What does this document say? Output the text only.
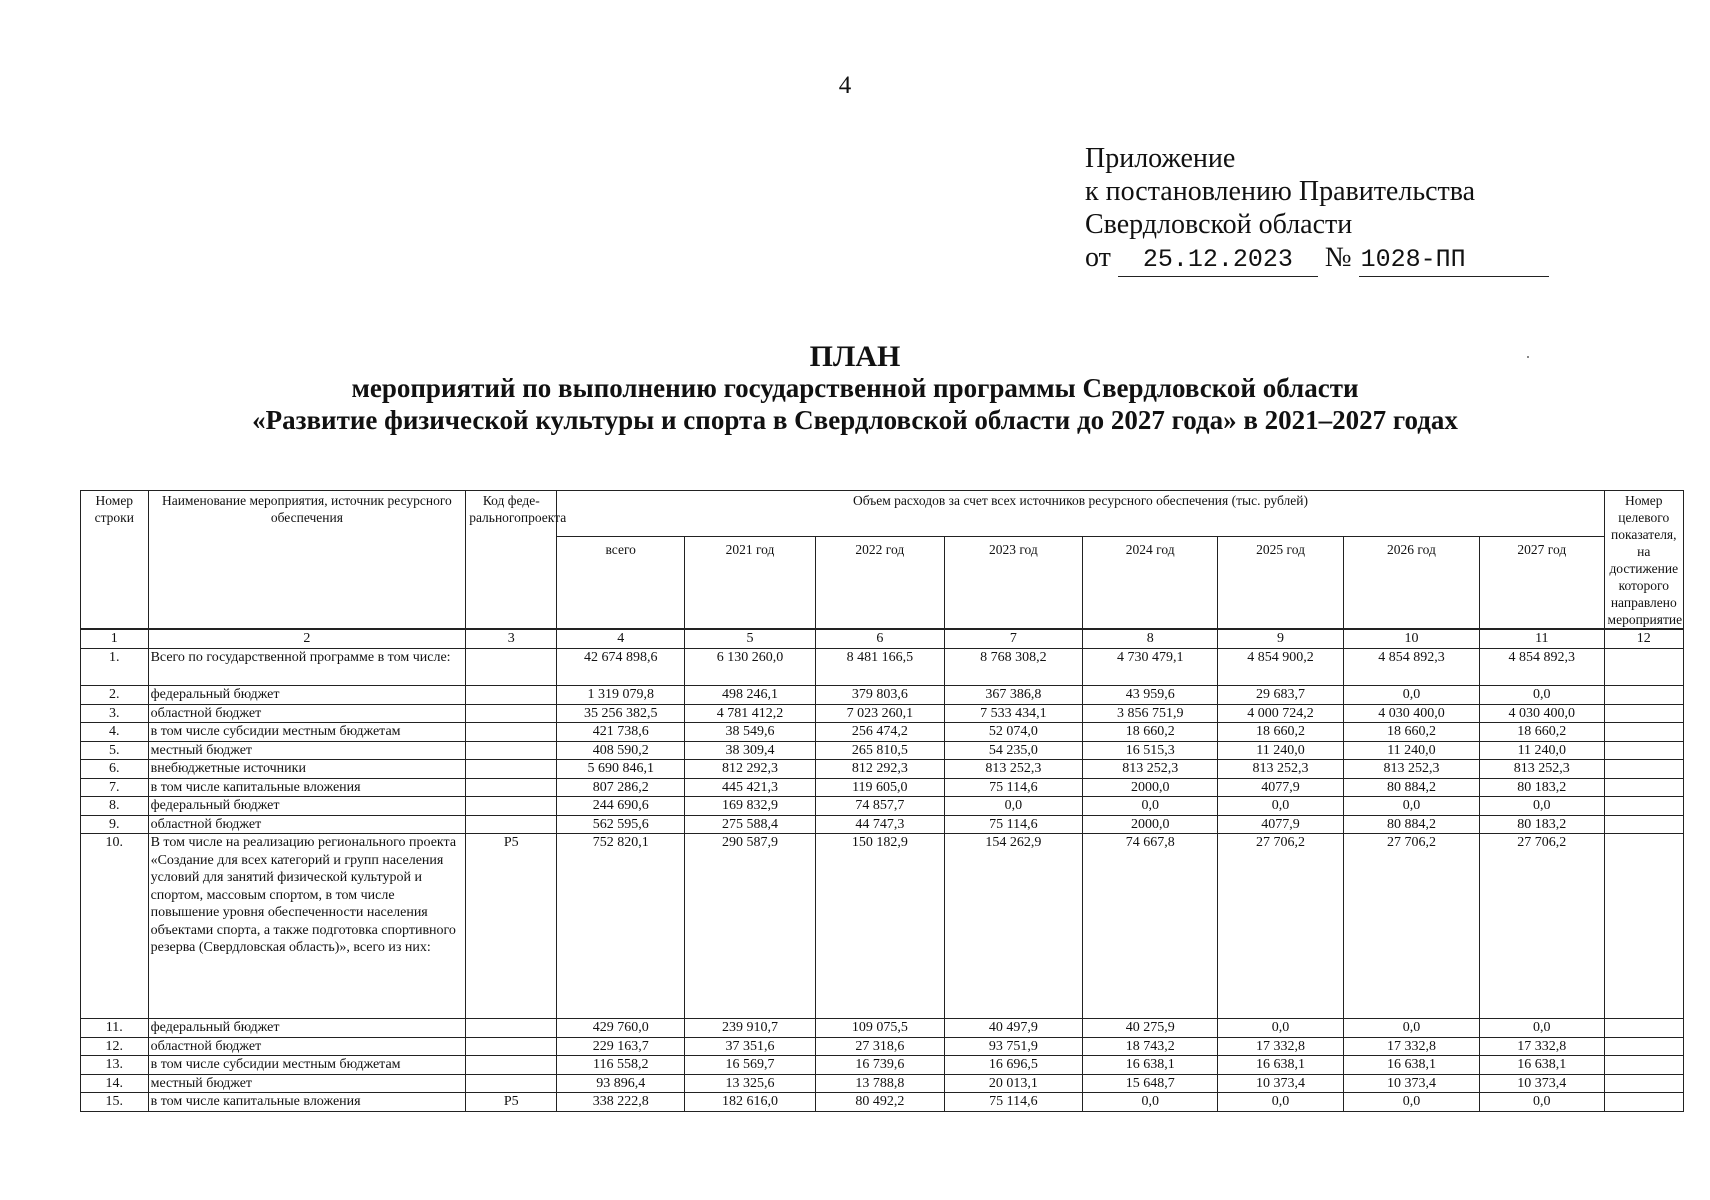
4
Приложение
к постановлению Правительства
Свердловской области
от 25.12.2023 № 1028-ПП
ПЛАН
мероприятий по выполнению государственной программы Свердловской области
«Развитие физической культуры и спорта в Свердловской области до 2027 года» в 2021–2027 годах
Номер строки	Наименование мероприятия, источник ресурсного обеспечения	Код феде-ральногопроекта	Объем расходов за счет всех источников ресурсного обеспечения (тыс. рублей)								Номер целевого показателя, на достижение которого направлено мероприятие
			всего	2021 год	2022 год	2023 год	2024 год	2025 год	2026 год	2027 год	
1	2	3	4	5	6	7	8	9	10	11	12
1.	Всего по государственной программе в том числе:		42 674 898,6	6 130 260,0	8 481 166,5	8 768 308,2	4 730 479,1	4 854 900,2	4 854 892,3	4 854 892,3	
2.	федеральный бюджет		1 319 079,8	498 246,1	379 803,6	367 386,8	43 959,6	29 683,7	0,0	0,0	
3.	областной бюджет		35 256 382,5	4 781 412,2	7 023 260,1	7 533 434,1	3 856 751,9	4 000 724,2	4 030 400,0	4 030 400,0	
4.	в том числе субсидии местным бюджетам		421 738,6	38 549,6	256 474,2	52 074,0	18 660,2	18 660,2	18 660,2	18 660,2	
5.	местный бюджет		408 590,2	38 309,4	265 810,5	54 235,0	16 515,3	11 240,0	11 240,0	11 240,0	
6.	внебюджетные источники		5 690 846,1	812 292,3	812 292,3	813 252,3	813 252,3	813 252,3	813 252,3	813 252,3	
7.	в том числе капитальные вложения		807 286,2	445 421,3	119 605,0	75 114,6	2000,0	4077,9	80 884,2	80 183,2	
8.	федеральный бюджет		244 690,6	169 832,9	74 857,7	0,0	0,0	0,0	0,0	0,0	
9.	областной бюджет		562 595,6	275 588,4	44 747,3	75 114,6	2000,0	4077,9	80 884,2	80 183,2	
10.	В том числе на реализацию регионального проекта «Создание для всех категорий и групп населения условий для занятий физической культурой и спортом, массовым спортом, в том числе повышение уровня обеспеченности населения объектами спорта, а также подготовка спортивного резерва (Свердловская область)», всего из них:	P5	752 820,1	290 587,9	150 182,9	154 262,9	74 667,8	27 706,2	27 706,2	27 706,2	
11.	федеральный бюджет		429 760,0	239 910,7	109 075,5	40 497,9	40 275,9	0,0	0,0	0,0	
12.	областной бюджет		229 163,7	37 351,6	27 318,6	93 751,9	18 743,2	17 332,8	17 332,8	17 332,8	
13.	в том числе субсидии местным бюджетам		116 558,2	16 569,7	16 739,6	16 696,5	16 638,1	16 638,1	16 638,1	16 638,1	
14.	местный бюджет		93 896,4	13 325,6	13 788,8	20 013,1	15 648,7	10 373,4	10 373,4	10 373,4	
15.	в том числе капитальные вложения	P5	338 222,8	182 616,0	80 492,2	75 114,6	0,0	0,0	0,0	0,0	
